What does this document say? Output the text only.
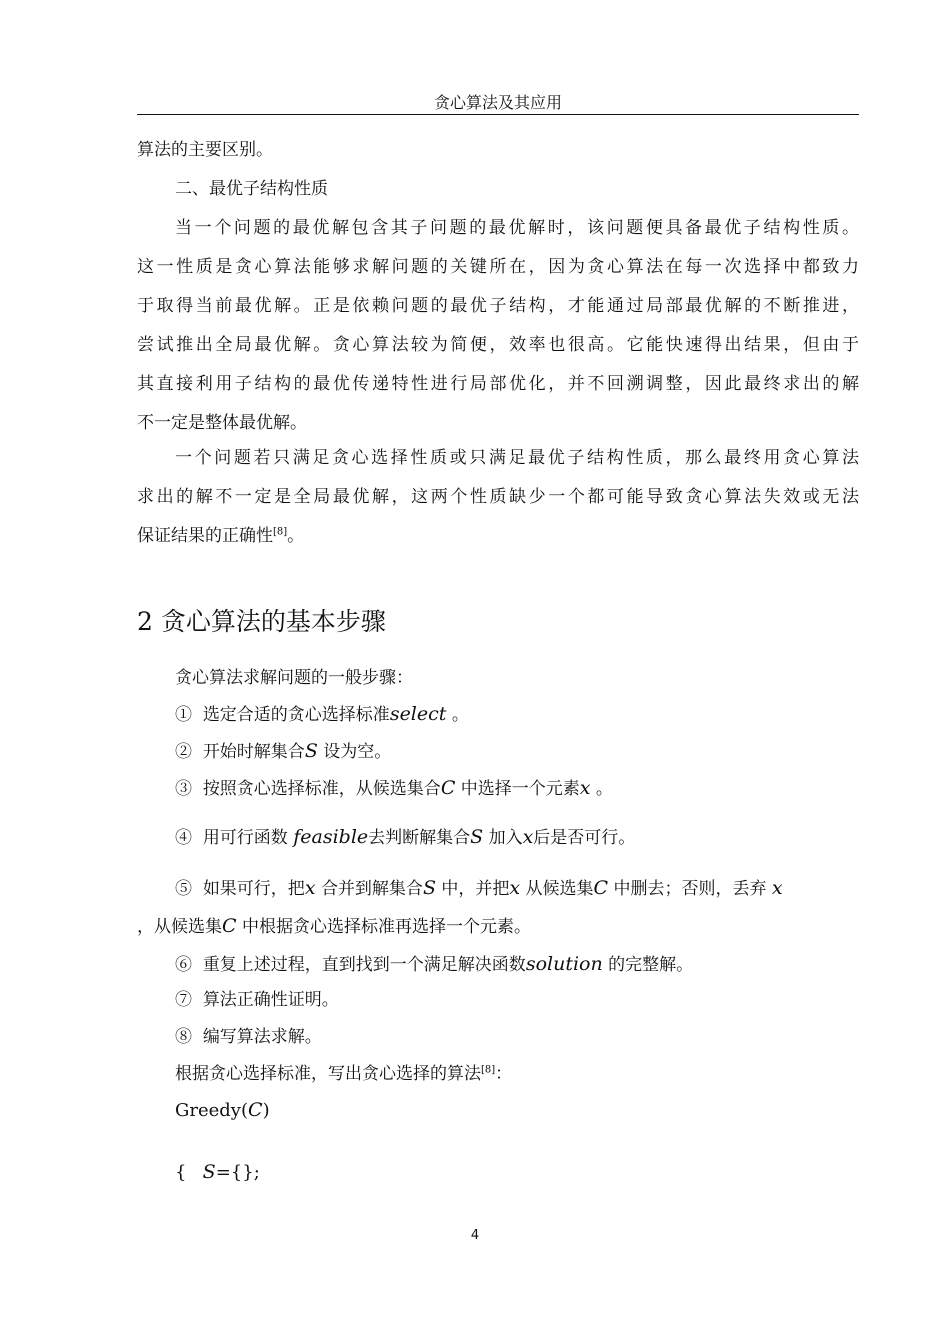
贪心算法及其应用
算法的主要区别。
二、最优子结构性质
当一个问题的最优解包含其子问题的最优解时，该问题便具备最优子结构性质。
这一性质是贪心算法能够求解问题的关键所在，因为贪心算法在每一次选择中都致力
于取得当前最优解。正是依赖问题的最优子结构，才能通过局部最优解的不断推进，
尝试推出全局最优解。贪心算法较为简便，效率也很高。它能快速得出结果，但由于
其直接利用子结构的最优传递特性进行局部优化，并不回溯调整，因此最终求出的解
不一定是整体最优解。
一个问题若只满足贪心选择性质或只满足最优子结构性质，那么最终用贪心算法
求出的解不一定是全局最优解，这两个性质缺少一个都可能导致贪心算法失效或无法
保证结果的正确性[8]。
2 贪心算法的基本步骤
贪心算法求解问题的一般步骤：
① 选定合适的贪心选择标准select 。
② 开始时解集合S 设为空。
③ 按照贪心选择标准，从候选集合C 中选择一个元素x 。
④ 用可行函数 feasible去判断解集合S 加入x后是否可行。
⑤ 如果可行，把x 合并到解集合S 中，并把x 从候选集C 中删去；否则，丢弃 x
，从候选集C 中根据贪心选择标准再选择一个元素。
⑥ 重复上述过程，直到找到一个满足解决函数solution 的完整解。
⑦ 算法正确性证明。
⑧ 编写算法求解。
根据贪心选择标准，写出贪心选择的算法[8]：
Greedy(C)
{ S={};
4
